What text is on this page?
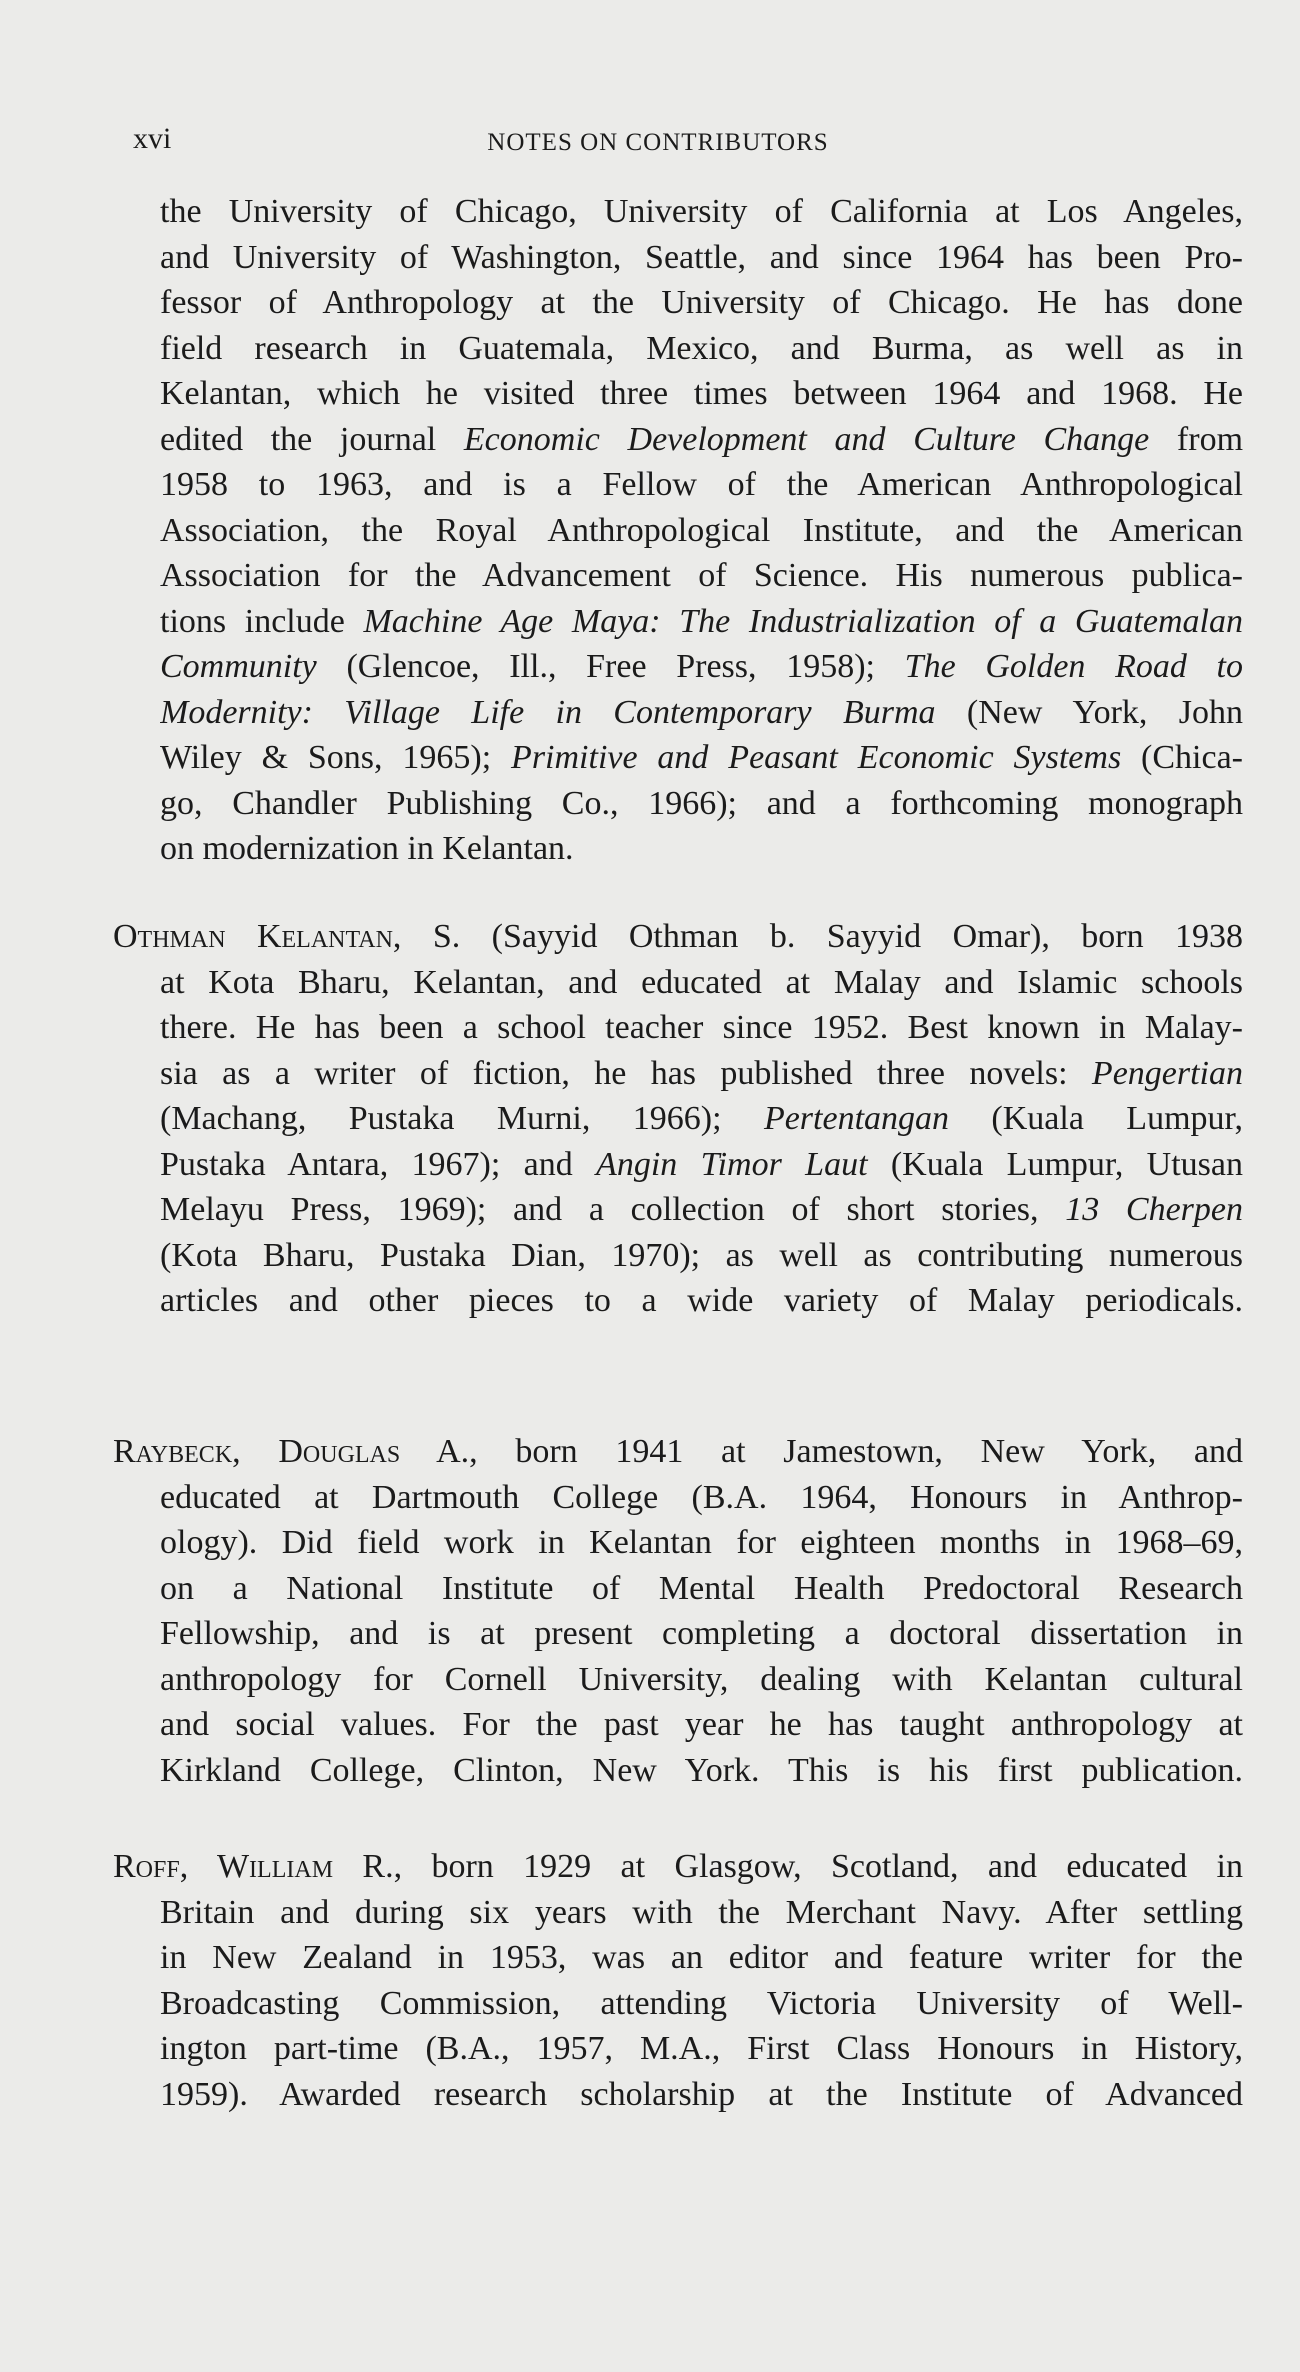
xvi	NOTES ON CONTRIBUTORS
the University of Chicago, University of California at Los Angeles,
and University of Washington, Seattle, and since 1964 has been Pro-
fessor of Anthropology at the University of Chicago. He has done
field research in Guatemala, Mexico, and Burma, as well as in
Kelantan, which he visited three times between 1964 and 1968. He
edited the journal Economic Development and Culture Change from
1958 to 1963, and is a Fellow of the American Anthropological
Association, the Royal Anthropological Institute, and the American
Association for the Advancement of Science. His numerous publica-
tions include Machine Age Maya: The Industrialization of a Guatemalan
Community (Glencoe, Ill., Free Press, 1958); The Golden Road to
Modernity: Village Life in Contemporary Burma (New York, John
Wiley & Sons, 1965); Primitive and Peasant Economic Systems (Chica-
go, Chandler Publishing Co., 1966); and a forthcoming monograph
on modernization in Kelantan.
Othman Kelantan, S. (Sayyid Othman b. Sayyid Omar), born 1938
at Kota Bharu, Kelantan, and educated at Malay and Islamic schools
there. He has been a school teacher since 1952. Best known in Malay-
sia as a writer of fiction, he has published three novels: Pengertian
(Machang, Pustaka Murni, 1966); Pertentangan (Kuala Lumpur,
Pustaka Antara, 1967); and Angin Timor Laut (Kuala Lumpur, Utusan
Melayu Press, 1969); and a collection of short stories, 13 Cherpen
(Kota Bharu, Pustaka Dian, 1970); as well as contributing numerous
articles and other pieces to a wide variety of Malay periodicals.
Raybeck, Douglas A., born 1941 at Jamestown, New York, and
educated at Dartmouth College (B.A. 1964, Honours in Anthrop-
ology). Did field work in Kelantan for eighteen months in 1968–69,
on a National Institute of Mental Health Predoctoral Research
Fellowship, and is at present completing a doctoral dissertation in
anthropology for Cornell University, dealing with Kelantan cultural
and social values. For the past year he has taught anthropology at
Kirkland College, Clinton, New York. This is his first publication.
Roff, William R., born 1929 at Glasgow, Scotland, and educated in
Britain and during six years with the Merchant Navy. After settling
in New Zealand in 1953, was an editor and feature writer for the
Broadcasting Commission, attending Victoria University of Well-
ington part-time (B.A., 1957, M.A., First Class Honours in History,
1959). Awarded research scholarship at the Institute of Advanced
